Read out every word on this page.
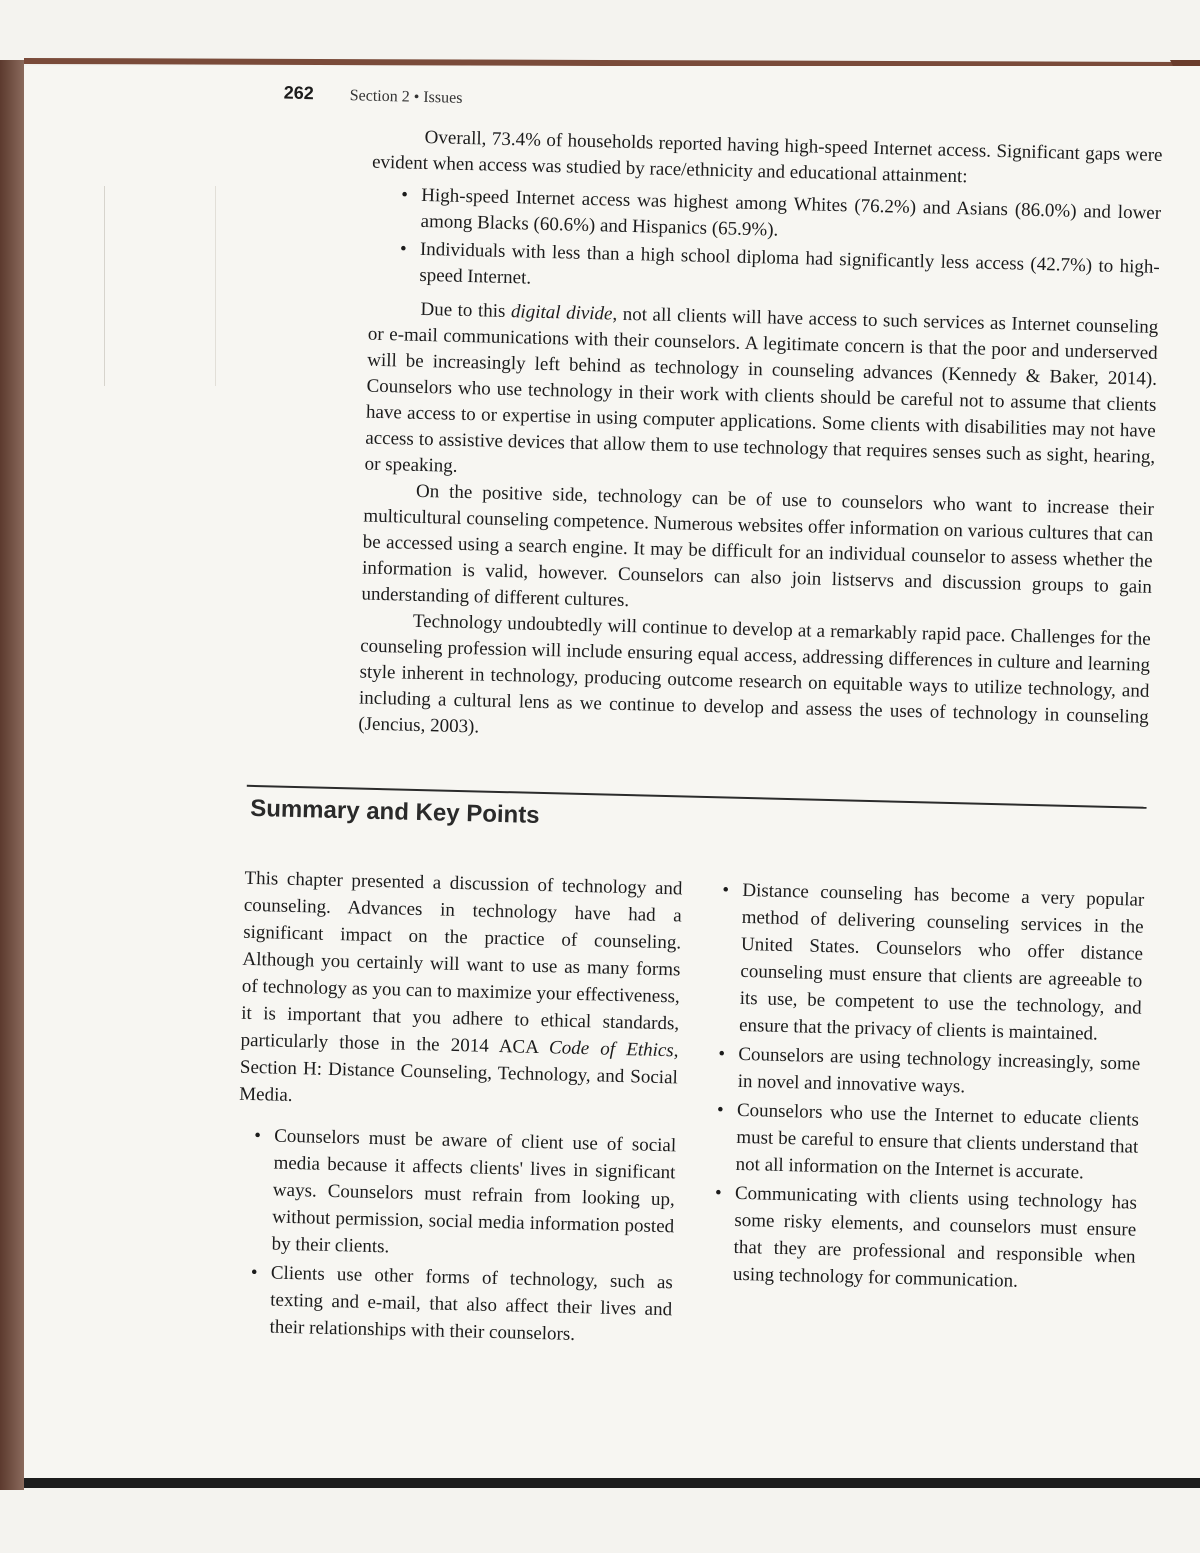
262 Section 2 • Issues

Overall, 73.4% of households reported having high-speed Internet access. Significant gaps were evident when access was studied by race/ethnicity and educational attainment:

• High-speed Internet access was highest among Whites (76.2%) and Asians (86.0%) and lower among Blacks (60.6%) and Hispanics (65.9%).
• Individuals with less than a high school diploma had significantly less access (42.7%) to high-speed Internet.

Due to this digital divide, not all clients will have access to such services as Internet counseling or e-mail communications with their counselors. A legitimate concern is that the poor and underserved will be increasingly left behind as technology in counseling advances (Kennedy & Baker, 2014). Counselors who use technology in their work with clients should be careful not to assume that clients have access to or expertise in using computer applications. Some clients with disabilities may not have access to assistive devices that allow them to use technology that requires senses such as sight, hearing, or speaking.

On the positive side, technology can be of use to counselors who want to increase their multicultural counseling competence. Numerous websites offer information on various cultures that can be accessed using a search engine. It may be difficult for an individual counselor to assess whether the information is valid, however. Counselors can also join listservs and discussion groups to gain understanding of different cultures.

Technology undoubtedly will continue to develop at a remarkably rapid pace. Challenges for the counseling profession will include ensuring equal access, addressing differences in culture and learning style inherent in technology, producing outcome research on equitable ways to utilize technology, and including a cultural lens as we continue to develop and assess the uses of technology in counseling (Jencius, 2003).

Summary and Key Points

This chapter presented a discussion of technology and counseling. Advances in technology have had a significant impact on the practice of counseling. Although you certainly will want to use as many forms of technology as you can to maximize your effectiveness, it is important that you adhere to ethical standards, particularly those in the 2014 ACA Code of Ethics, Section H: Distance Counseling, Technology, and Social Media.

• Counselors must be aware of client use of social media because it affects clients' lives in significant ways. Counselors must refrain from looking up, without permission, social media information posted by their clients.
• Clients use other forms of technology, such as texting and e-mail, that also affect their lives and their relationships with their counselors.
• Distance counseling has become a very popular method of delivering counseling services in the United States. Counselors who offer distance counseling must ensure that clients are agreeable to its use, be competent to use the technology, and ensure that the privacy of clients is maintained.
• Counselors are using technology increasingly, some in novel and innovative ways.
• Counselors who use the Internet to educate clients must be careful to ensure that clients understand that not all information on the Internet is accurate.
• Communicating with clients using technology has some risky elements, and counselors must ensure that they are professional and responsible when using technology for communication.
